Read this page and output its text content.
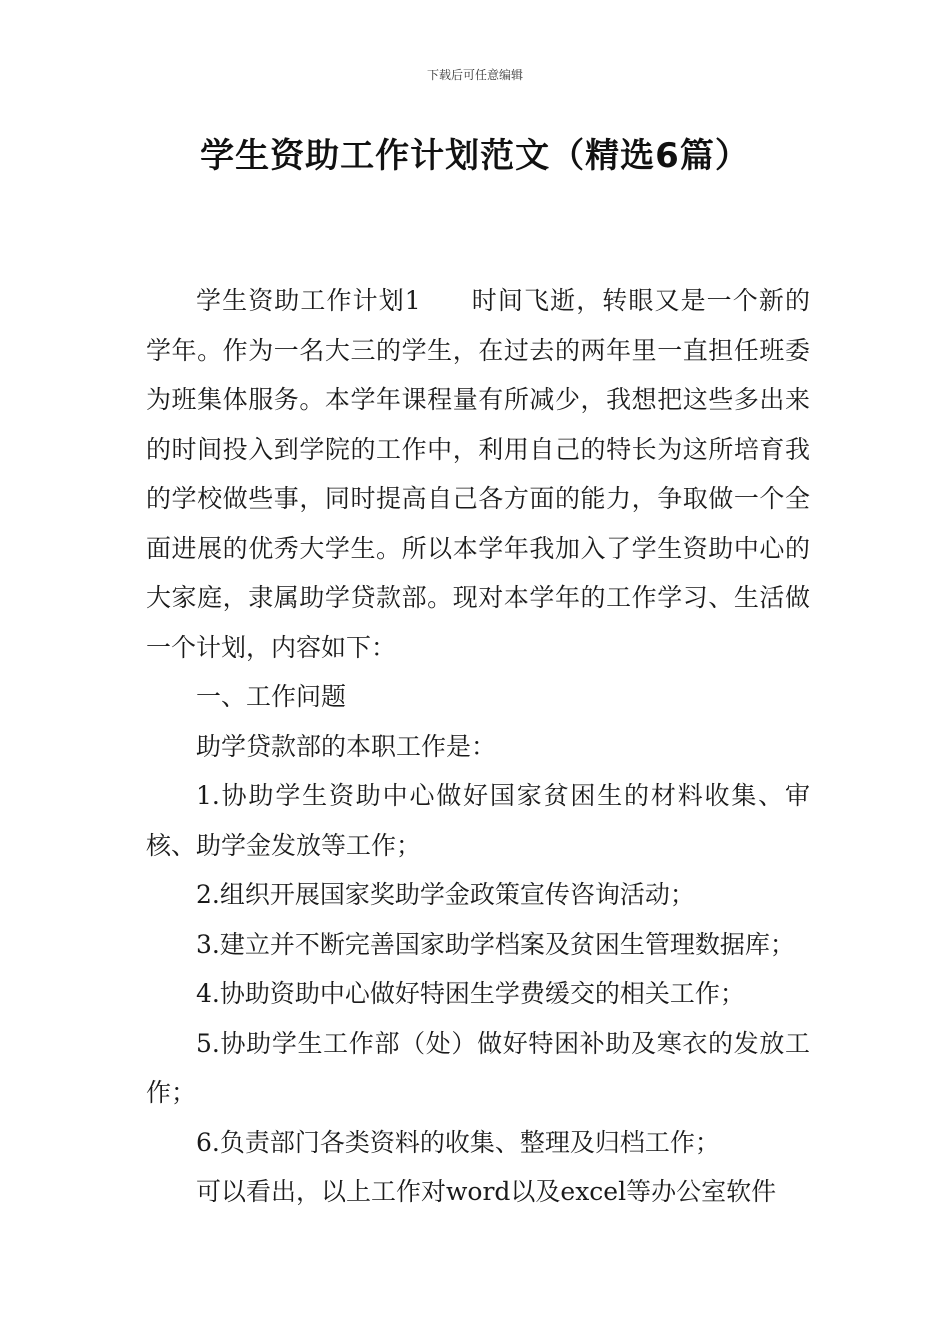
下载后可任意编辑
学生资助工作计划范文（精选6篇）

学生资助工作计划1 时间飞逝，转眼又是一个新的学年。作为一名大三的学生，在过去的两年里一直担任班委为班集体服务。本学年课程量有所减少，我想把这些多出来的时间投入到学院的工作中，利用自己的特长为这所培育我的学校做些事，同时提高自己各方面的能力，争取做一个全面进展的优秀大学生。所以本学年我加入了学生资助中心的大家庭，隶属助学贷款部。现对本学年的工作学习、生活做一个计划，内容如下：

一、工作问题

助学贷款部的本职工作是：

1.协助学生资助中心做好国家贫困生的材料收集、审核、助学金发放等工作；

2.组织开展国家奖助学金政策宣传咨询活动；

3.建立并不断完善国家助学档案及贫困生管理数据库；

4.协助资助中心做好特困生学费缓交的相关工作；

5.协助学生工作部（处）做好特困补助及寒衣的发放工作；

6.负责部门各类资料的收集、整理及归档工作；

可以看出，以上工作对word以及excel等办公室软件
